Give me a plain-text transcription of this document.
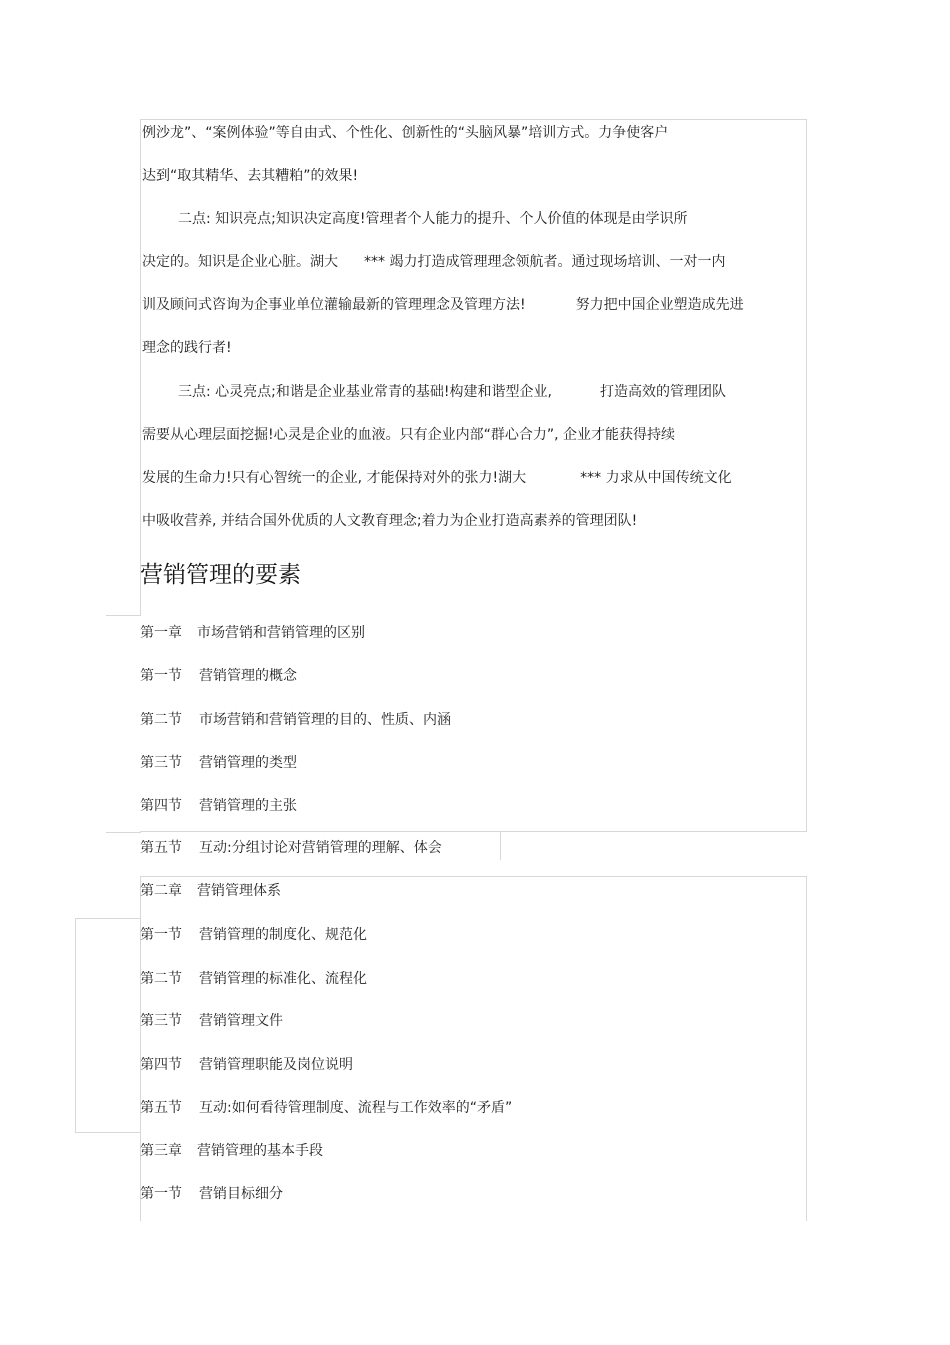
例沙龙”、“案例体验”等自由式、个性化、创新性的“头脑风暴”培训方式。力争使客户
达到“取其精华、去其糟粕”的效果!
二点: 知识亮点;知识决定高度!管理者个人能力的提升、个人价值的体现是由学识所
决定的。知识是企业心脏。湖大 *** 竭力打造成管理理念领航者。通过现场培训、一对一内
训及顾问式咨询为企事业单位灌输最新的管理理念及管理方法!	努力把中国企业塑造成先进
理念的践行者!
三点: 心灵亮点;和谐是企业基业常青的基础!构建和谐型企业,	打造高效的管理团队
需要从心理层面挖掘!心灵是企业的血液。只有企业内部“群心合力”, 企业才能获得持续
发展的生命力!只有心智统一的企业, 才能保持对外的张力!湖大	*** 力求从中国传统文化
中吸收营养, 并结合国外优质的人文教育理念;着力为企业打造高素养的管理团队!
营销管理的要素
第一章 市场营销和营销管理的区别
第一节 营销管理的概念
第二节 市场营销和营销管理的目的、性质、内涵
第三节 营销管理的类型
第四节 营销管理的主张
第五节 互动:分组讨论对营销管理的理解、体会
第二章 营销管理体系
第一节 营销管理的制度化、规范化
第二节 营销管理的标准化、流程化
第三节 营销管理文件
第四节 营销管理职能及岗位说明
第五节 互动:如何看待管理制度、流程与工作效率的“矛盾”
第三章 营销管理的基本手段
第一节 营销目标细分
